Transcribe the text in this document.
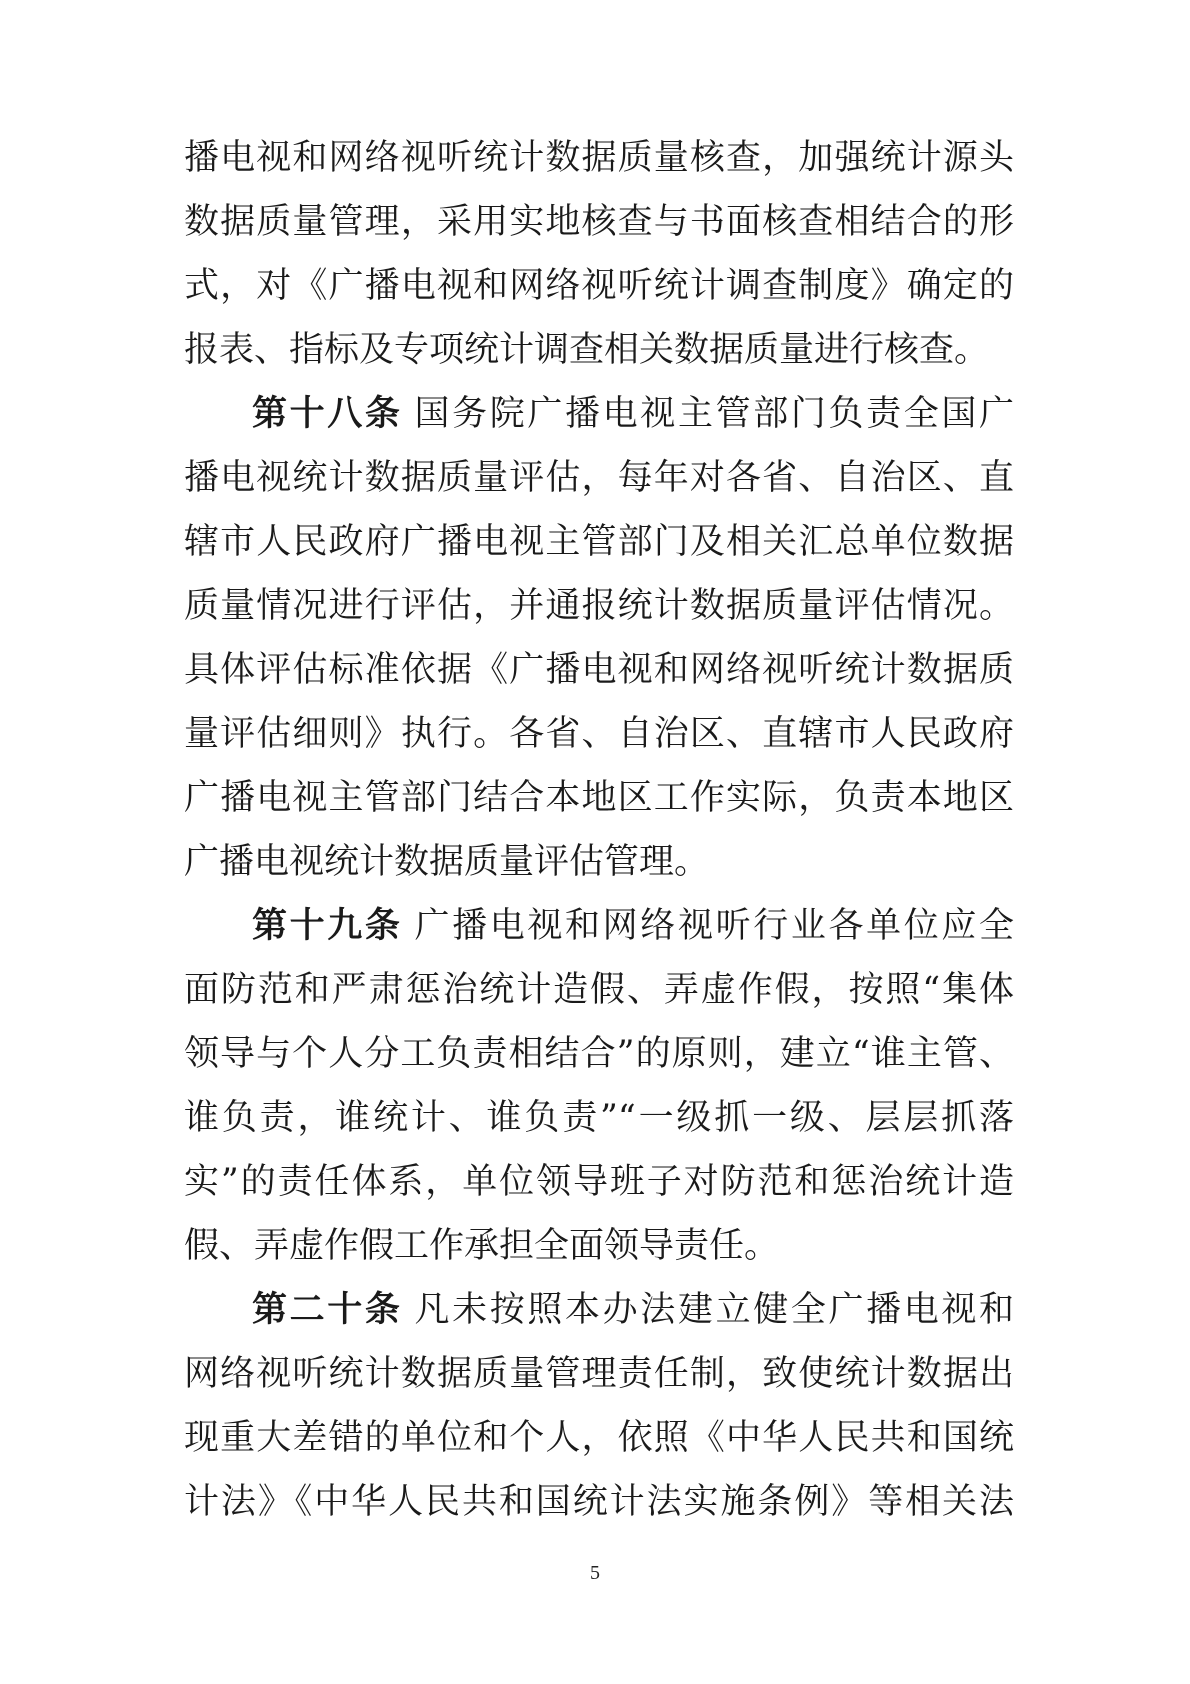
播电视和网络视听统计数据质量核查，加强统计源头
数据质量管理，采用实地核查与书面核查相结合的形
式，对《广播电视和网络视听统计调查制度》确定的
报表、指标及专项统计调查相关数据质量进行核查。
第十八条 国务院广播电视主管部门负责全国广
播电视统计数据质量评估，每年对各省、自治区、直
辖市人民政府广播电视主管部门及相关汇总单位数据
质量情况进行评估，并通报统计数据质量评估情况。
具体评估标准依据《广播电视和网络视听统计数据质
量评估细则》执行。各省、自治区、直辖市人民政府
广播电视主管部门结合本地区工作实际，负责本地区
广播电视统计数据质量评估管理。
第十九条 广播电视和网络视听行业各单位应全
面防范和严肃惩治统计造假、弄虚作假，按照“集体
领导与个人分工负责相结合”的原则，建立“谁主管、
谁负责，谁统计、谁负责”“一级抓一级、层层抓落
实”的责任体系，单位领导班子对防范和惩治统计造
假、弄虚作假工作承担全面领导责任。
第二十条 凡未按照本办法建立健全广播电视和
网络视听统计数据质量管理责任制，致使统计数据出
现重大差错的单位和个人，依照《中华人民共和国统
计法》《中华人民共和国统计法实施条例》等相关法
5
